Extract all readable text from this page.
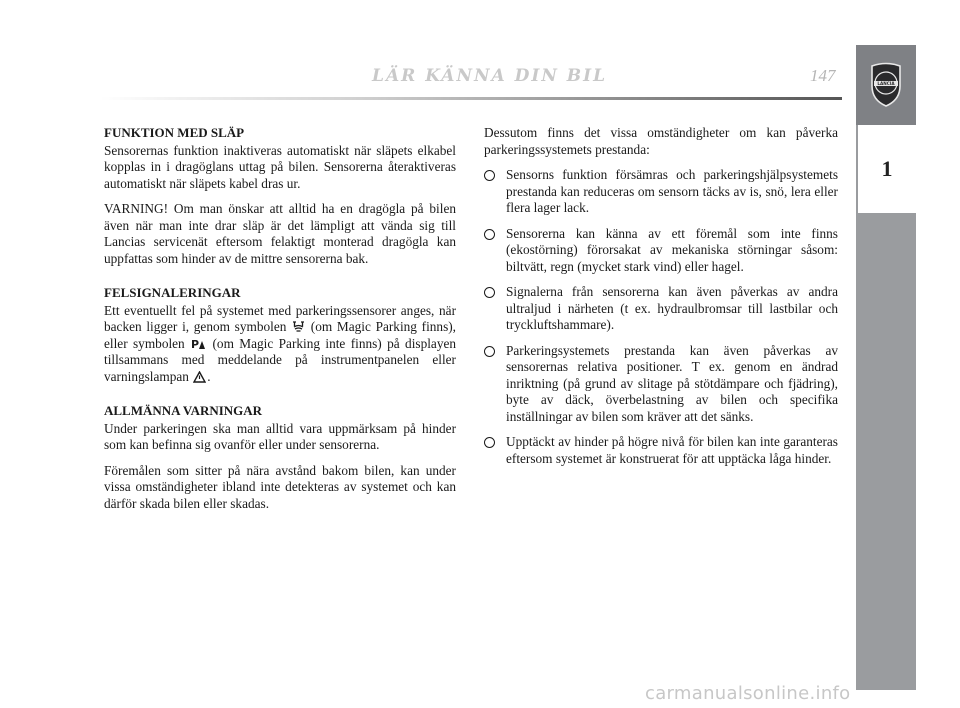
LÄR KÄNNA DIN BIL	147	LANCIA
1
FUNKTION MED SLÄP

Sensorernas funktion inaktiveras automatiskt när släpets elkabel kopplas in i dragöglans uttag på bilen. Sensorerna återaktiveras automatiskt när släpets kabel dras ur.

VARNING! Om man önskar att alltid ha en dragögla på bilen även när man inte drar släp är det lämpligt att vända sig till Lancias servicenät eftersom felaktigt monterad dragögla kan uppfattas som hinder av de mittre sensorerna bak.

FELSIGNALERINGAR

Ett eventuellt fel på systemet med parkeringssensorer anges, när backen ligger i, genom symbolen (om Magic Parking finns), eller symbolen P (om Magic Parking inte finns) på displayen tillsammans med meddelande på instrumentpanelen eller varningslampan .

ALLMÄNNA VARNINGAR

Under parkeringen ska man alltid vara uppmärksam på hinder som kan befinna sig ovanför eller under sensorerna.

Föremålen som sitter på nära avstånd bakom bilen, kan under vissa omständigheter ibland inte detekteras av systemet och kan därför skada bilen eller skadas.

Dessutom finns det vissa omständigheter om kan påverka parkeringssystemets prestanda:

Sensorns funktion försämras och parkeringshjälpsystemets prestanda kan reduceras om sensorn täcks av is, snö, lera eller flera lager lack.
Sensorerna kan känna av ett föremål som inte finns (ekostörning) förorsakat av mekaniska störningar såsom: biltvätt, regn (mycket stark vind) eller hagel.
Signalerna från sensorerna kan även påverkas av andra ultraljud i närheten (t ex. hydraulbromsar till lastbilar och tryckluftshammare).
Parkeringsystemets prestanda kan även påverkas av sensorernas relativa positioner. T ex. genom en ändrad inriktning (på grund av slitage på stötdämpare och fjädring), byte av däck, överbelastning av bilen och specifika inställningar av bilen som kräver att det sänks.
Upptäckt av hinder på högre nivå för bilen kan inte garanteras eftersom systemet är konstruerat för att upptäcka låga hinder.
carmanualsonline.info
